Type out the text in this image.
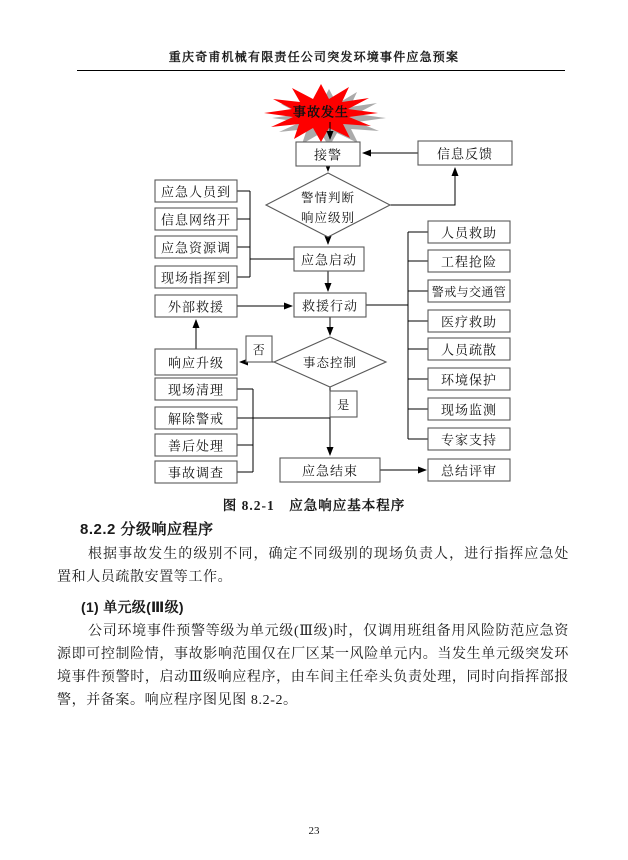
重庆奇甫机械有限责任公司突发环境事件应急预案
事故发生
接警	信息反馈
警情判断
响应级别
应急启动
外部救援	救援行动
事态控制
否
是
响应升级
应急结束
应急人员到
信息网络开
应急资源调
现场指挥到
现场清理
解除警戒
善后处理
事故调查
人员救助
工程抢险
警戒与交通管
医疗救助
人员疏散
环境保护
现场监测
专家支持
总结评审
图 8.2-1　应急响应基本程序
8.2.2 分级响应程序
根据事故发生的级别不同，确定不同级别的现场负责人，进行指挥应急处置和人员疏散安置等工作。
(1) 单元级(Ⅲ级)
公司环境事件预警等级为单元级(Ⅲ级)时，仅调用班组备用风险防范应急资源即可控制险情，事故影响范围仅在厂区某一风险单元内。当发生单元级突发环境事件预警时，启动Ⅲ级响应程序，由车间主任牵头负责处理，同时向指挥部报警，并备案。响应程序图见图 8.2-2。
23
